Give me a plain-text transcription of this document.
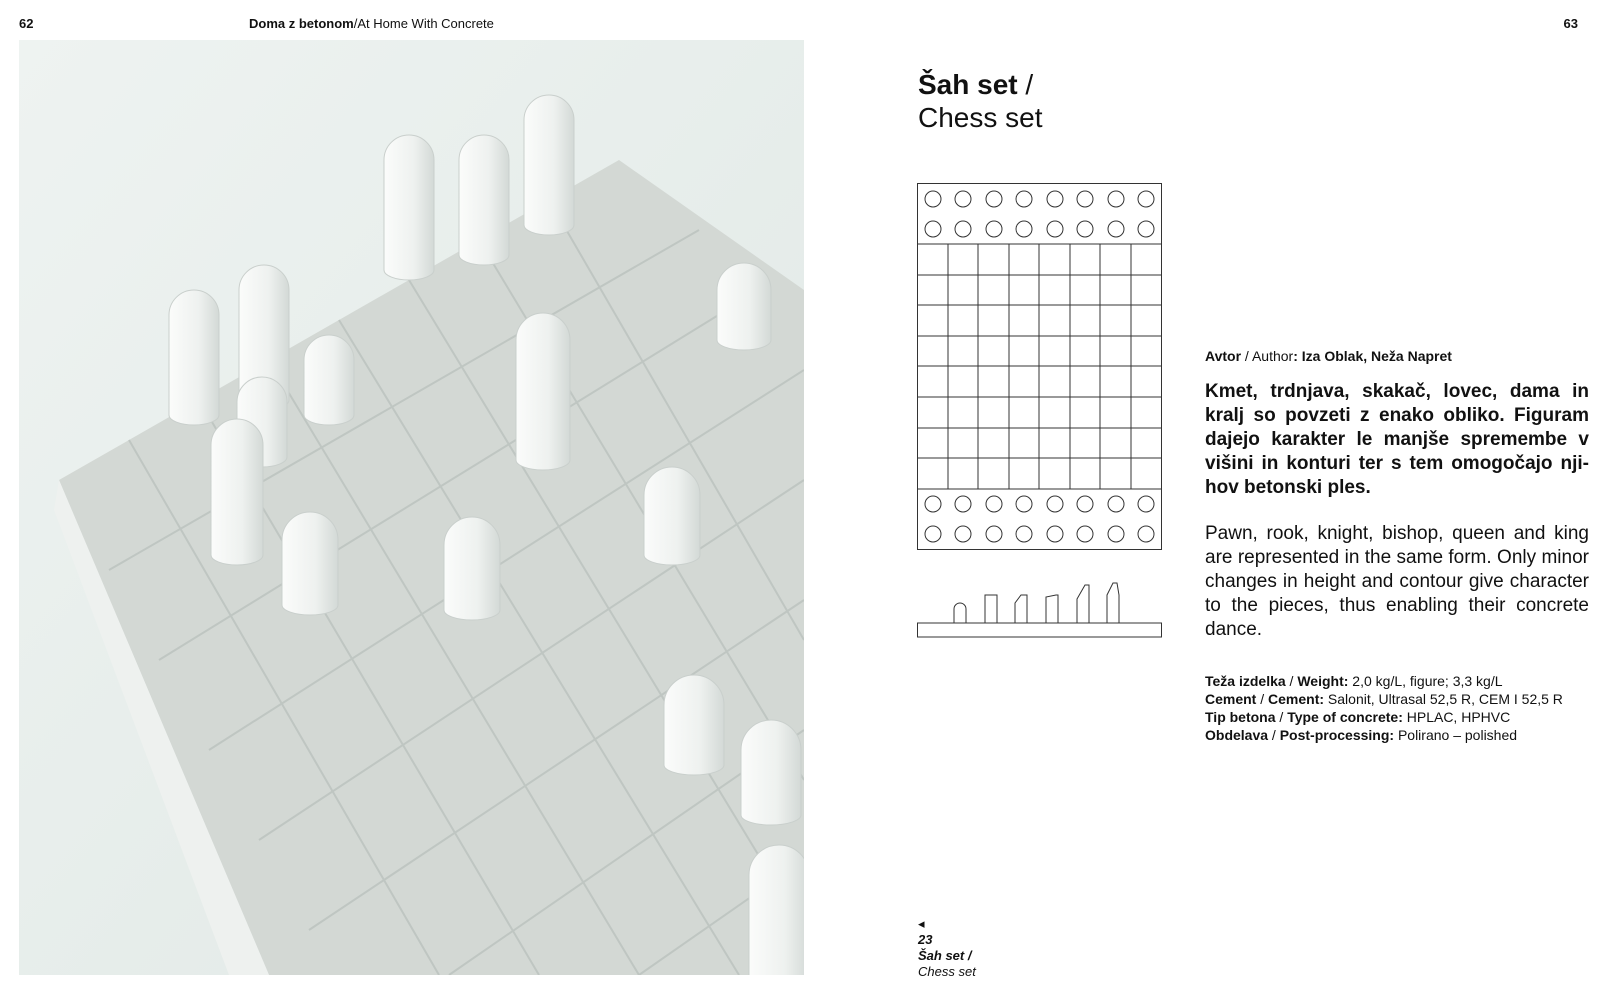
62	Doma z betonom/At Home With Concrete	63
Šah set /
Chess set

Avtor / Author: Iza Oblak, Neža Napret

Kmet, trdnjava, skakač, lovec, dama in kralj so povzeti z enako obliko. Figuram dajejo karakter le manjše spremembe v višini in konturi ter s tem omogočajo nji-hov betonski ples.

Pawn, rook, knight, bishop, queen and king are represented in the same form. Only minor changes in height and contour give character to the pieces, thus enabling their concrete dance.

Teža izdelka / Weight: 2,0 kg/L, figure; 3,3 kg/L
Cement / Cement: Salonit, Ultrasal 52,5 R, CEM I 52,5 R
Tip betona / Type of concrete: HPLAC, HPHVC
Obdelava / Post-processing: Polirano – polished
◂
23
Šah set /
Chess set
